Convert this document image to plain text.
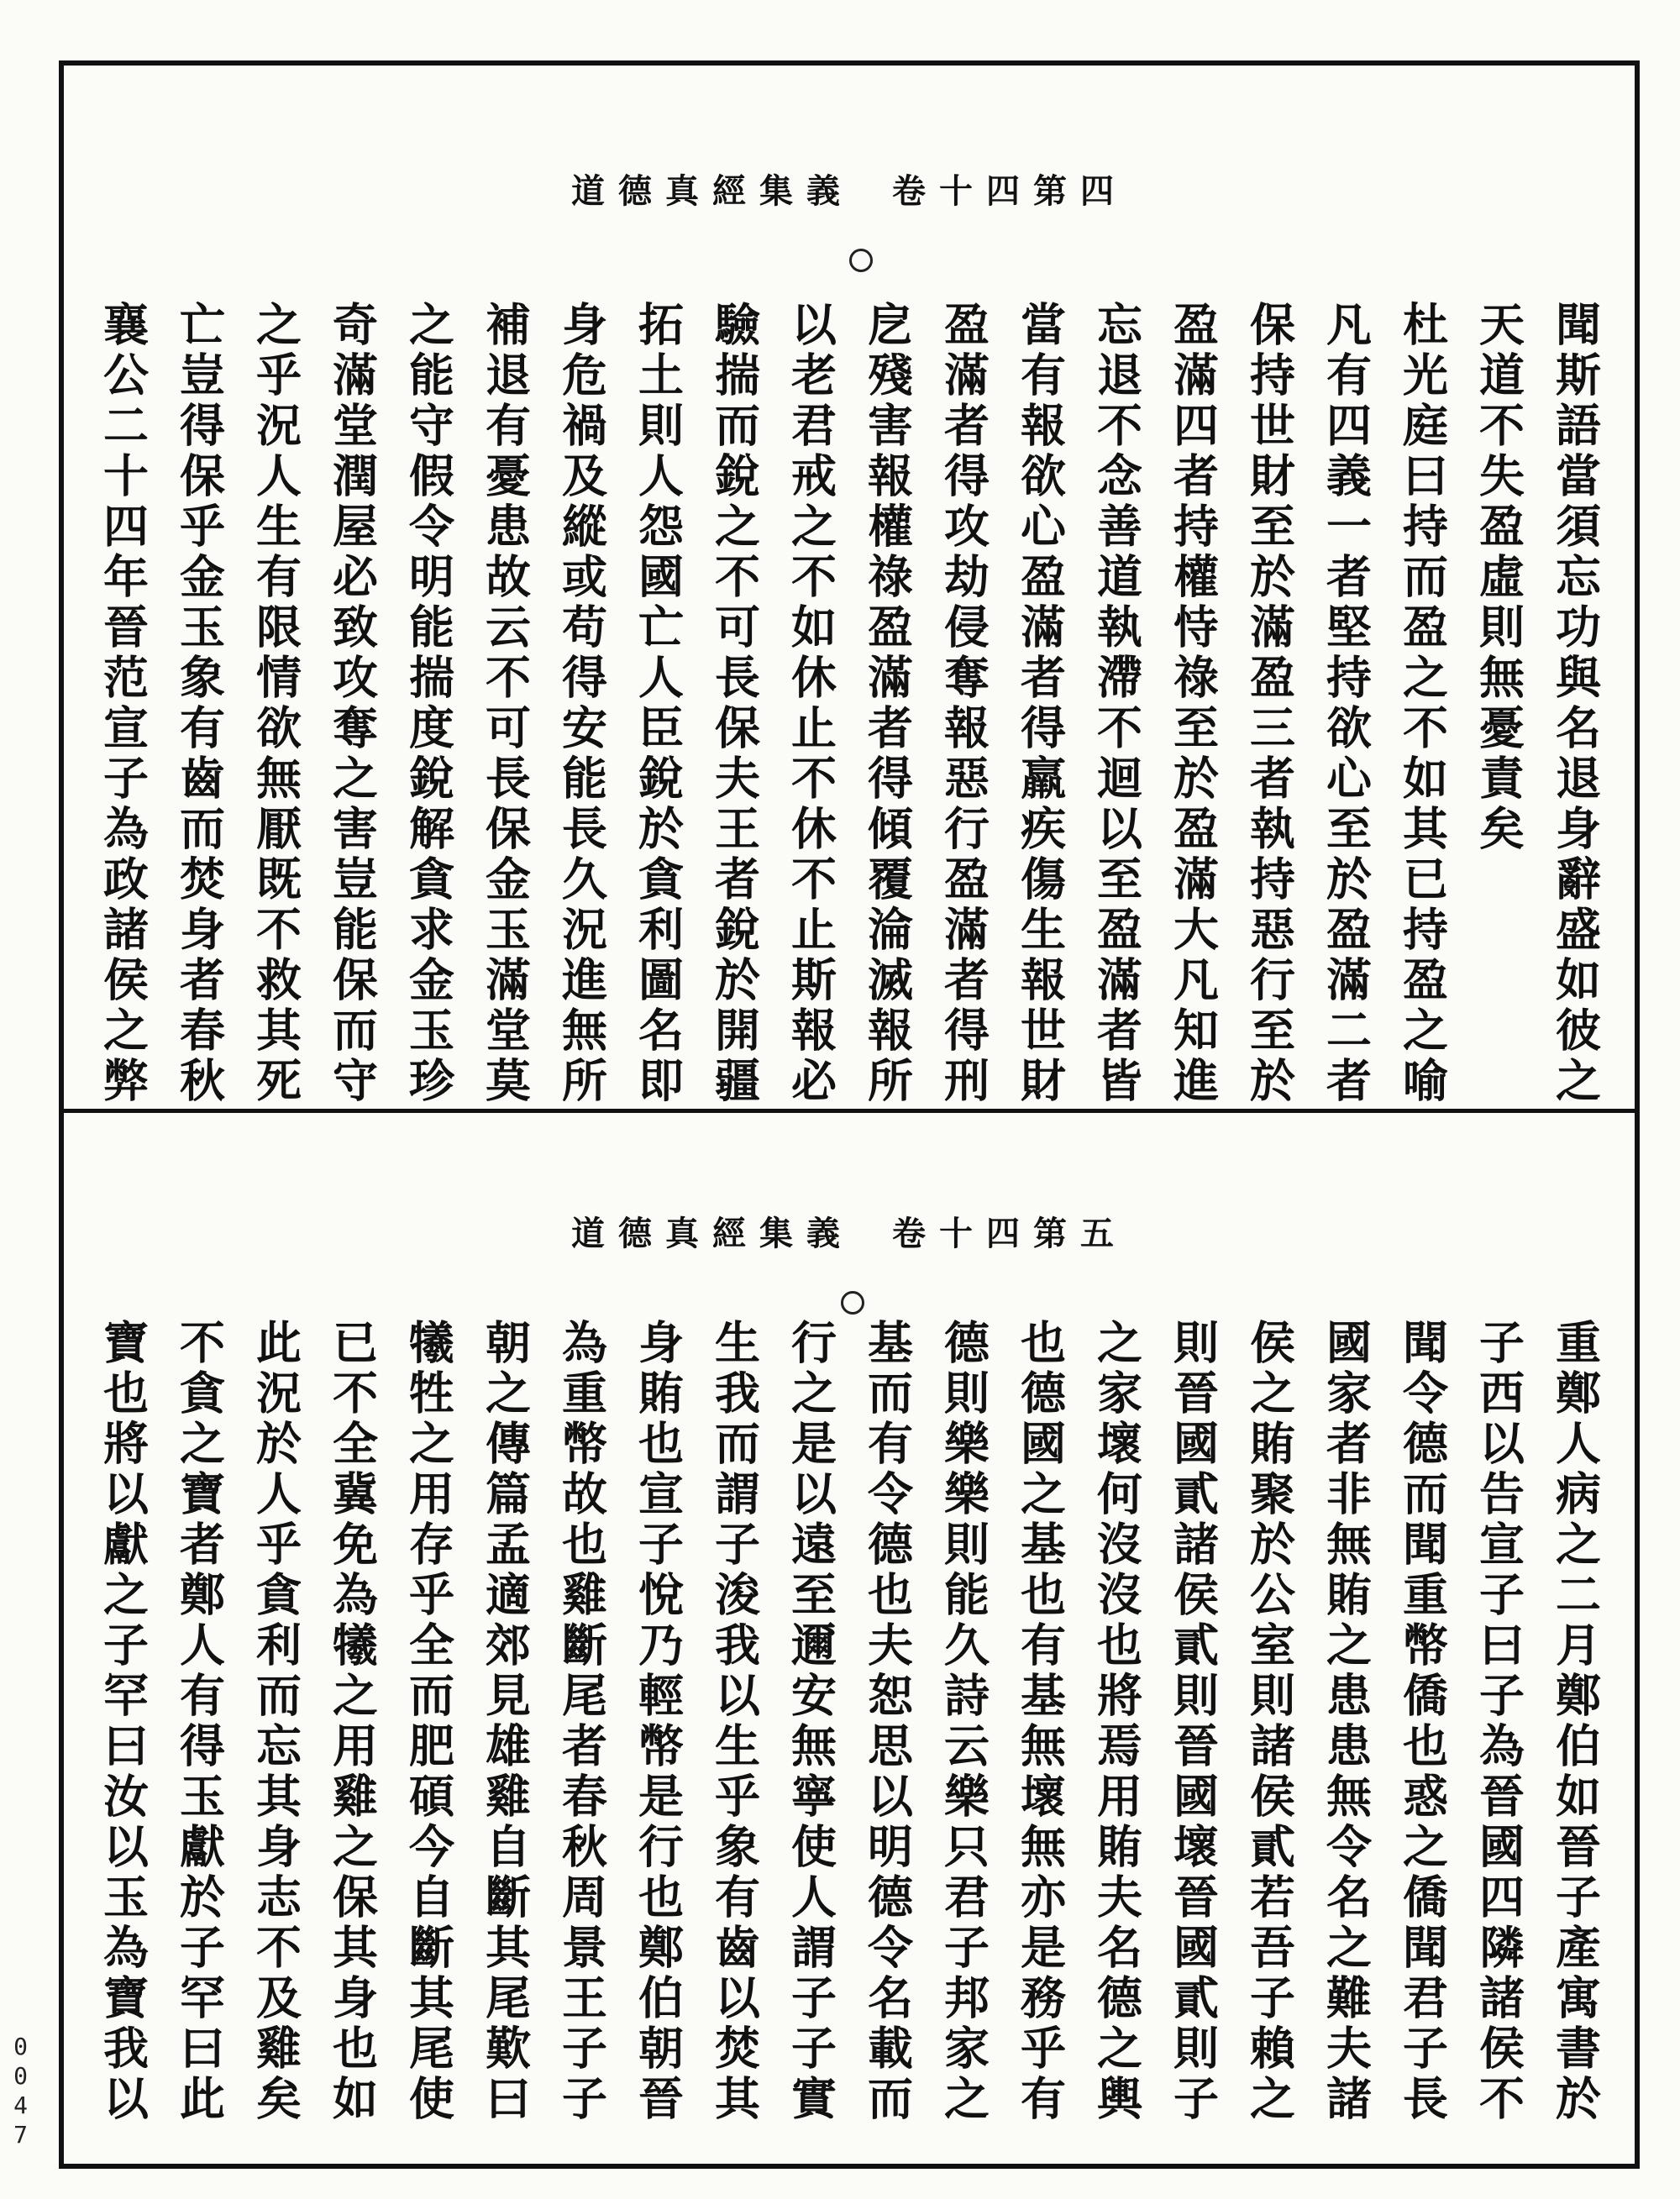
道德真經集義 卷十四第四
聞斯語當須忘功與名退身辭盛如彼之
天道不失盈虛則無憂責矣
杜光庭曰持而盈之不如其已持盈之喻
凡有四義一者堅持欲心至於盈滿二者
保持世財至於滿盈三者執持惡行至於
盈滿四者持權恃祿至於盈滿大凡知進
忘退不念善道執滯不迴以至盈滿者皆
當有報欲心盈滿者得羸疾傷生報世財
盈滿者得攻劫侵奪報惡行盈滿者得刑
戹殘害報權祿盈滿者得傾覆淪滅報所
以老君戒之不如休止不休不止斯報必
驗揣而銳之不可長保夫王者銳於開疆
拓土則人怨國亡人臣銳於貪利圖名即
身危禍及縱或苟得安能長久況進無所
補退有憂患故云不可長保金玉滿堂莫
之能守假令明能揣度銳解貪求金玉珍
奇滿堂潤屋必致攻奪之害豈能保而守
之乎況人生有限情欲無厭既不救其死
亡豈得保乎金玉象有齒而焚身者春秋
襄公二十四年晉范宣子為政諸侯之弊
道德真經集義 卷十四第五
重鄭人病之二月鄭伯如晉子產寓書於
子西以告宣子曰子為晉國四隣諸侯不
聞令德而聞重幣僑也惑之僑聞君子長
國家者非無賄之患患無令名之難夫諸
侯之賄聚於公室則諸侯貳若吾子賴之
則晉國貳諸侯貳則晉國壞晉國貳則子
之家壞何沒沒也將焉用賄夫名德之輿
也德國之基也有基無壞無亦是務乎有
德則樂樂則能久詩云樂只君子邦家之
基而有令德也夫恕思以明德令名載而
行之是以遠至邇安無寧使人謂子子實
生我而謂子浚我以生乎象有齒以焚其
身賄也宣子悅乃輕幣是行也鄭伯朝晉
為重幣故也雞斷尾者春秋周景王子子
朝之傳篇孟適郊見雄雞自斷其尾歎曰
犧牲之用存乎全而肥碩今自斷其尾使
已不全冀免為犧之用雞之保其身也如
此況於人乎貪利而忘其身志不及雞矣
不貪之寶者鄭人有得玉獻於子罕曰此
寶也將以獻之子罕曰汝以玉為寶我以
0047
